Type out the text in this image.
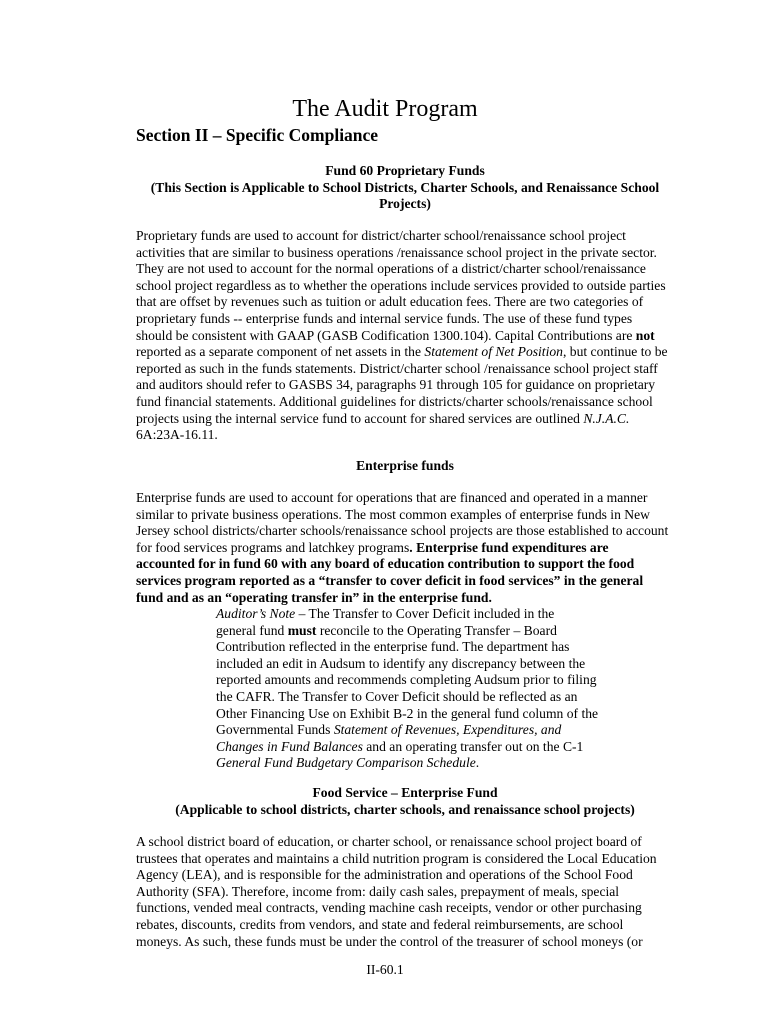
The Audit Program
Section II – Specific Compliance
Fund 60 Proprietary Funds
(This Section is Applicable to School Districts, Charter Schools, and Renaissance School
Projects)
Proprietary funds are used to account for district/charter school/renaissance school project
activities that are similar to business operations /renaissance school project in the private sector.
They are not used to account for the normal operations of a district/charter school/renaissance
school project regardless as to whether the operations include services provided to outside parties
that are offset by revenues such as tuition or adult education fees. There are two categories of
proprietary funds -- enterprise funds and internal service funds. The use of these fund types
should be consistent with GAAP (GASB Codification 1300.104). Capital Contributions are not
reported as a separate component of net assets in the Statement of Net Position, but continue to be
reported as such in the funds statements. District/charter school /renaissance school project staff
and auditors should refer to GASBS 34, paragraphs 91 through 105 for guidance on proprietary
fund financial statements. Additional guidelines for districts/charter schools/renaissance school
projects using the internal service fund to account for shared services are outlined N.J.A.C.
6A:23A-16.11.
Enterprise funds
Enterprise funds are used to account for operations that are financed and operated in a manner
similar to private business operations. The most common examples of enterprise funds in New
Jersey school districts/charter schools/renaissance school projects are those established to account
for food services programs and latchkey programs. Enterprise fund expenditures are
accounted for in fund 60 with any board of education contribution to support the food
services program reported as a “transfer to cover deficit in food services” in the general
fund and as an “operating transfer in” in the enterprise fund.
Auditor’s Note – The Transfer to Cover Deficit included in the
general fund must reconcile to the Operating Transfer – Board
Contribution reflected in the enterprise fund. The department has
included an edit in Audsum to identify any discrepancy between the
reported amounts and recommends completing Audsum prior to filing
the CAFR. The Transfer to Cover Deficit should be reflected as an
Other Financing Use on Exhibit B-2 in the general fund column of the
Governmental Funds Statement of Revenues, Expenditures, and
Changes in Fund Balances and an operating transfer out on the C-1
General Fund Budgetary Comparison Schedule.
Food Service – Enterprise Fund
(Applicable to school districts, charter schools, and renaissance school projects)
A school district board of education, or charter school, or renaissance school project board of
trustees that operates and maintains a child nutrition program is considered the Local Education
Agency (LEA), and is responsible for the administration and operations of the School Food
Authority (SFA). Therefore, income from: daily cash sales, prepayment of meals, special
functions, vended meal contracts, vending machine cash receipts, vendor or other purchasing
rebates, discounts, credits from vendors, and state and federal reimbursements, are school
moneys. As such, these funds must be under the control of the treasurer of school moneys (or
II-60.1
